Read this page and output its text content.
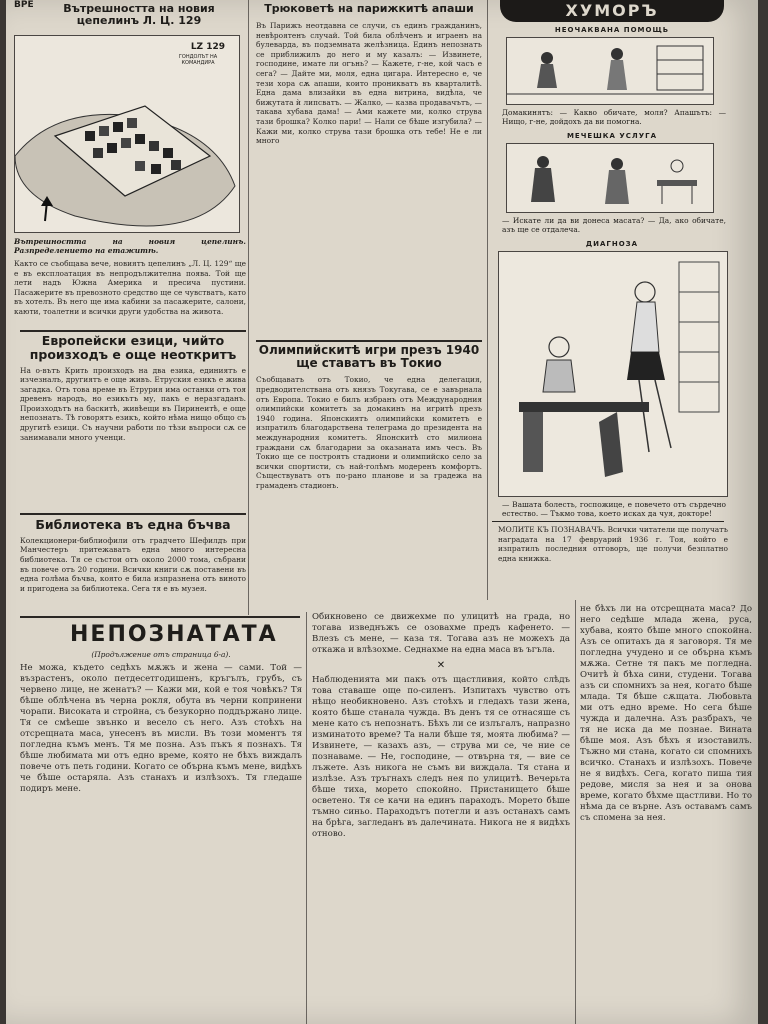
ВРЕ	Вътрешността на новия цепелинъ Л. Ц. 129
LZ 129
ГОНДОЛЪТ НА КОМАНДИРА
Вътрешността на новия цепелинъ. Разпределението на етажитѣ.
Както се съобщава вече, новиятъ цепелинъ „Л. Ц. 129“ ще е въ експлоатация въ непродължителна поява. Той ще лети надъ Южна Америка и пресича пустини. Пасажерите въ превозното средство ще се чувстватъ, като въ хотелъ. Въ него ще има кабини за пасажерите, салони, каюти, тоалетни и всички други удобства на живота.
Европейски езици, чийто произходъ е още неоткритъ
На о-вътъ Крить произходъ на два езика, единиятъ е изчезналъ, другиятъ е още живъ. Етруския езикъ е жива загадка. Отъ това време въ Етрурия има останки отъ тоя древенъ народъ, но езикътъ му, пакъ е неразгаданъ. Произходътъ на баскитѣ, живѣещи въ Пиринеитѣ, е още непознатъ. Тѣ говорятъ езикъ, който нѣма нищо общо съ другитѣ езици. Съ научни работи по тѣзи въпроси сѫ се занимавали много ученци.
Библиотека въ една бъчва
Колекционери-библиофили отъ градчето Шефилдъ при Манчестеръ притежаватъ една много интересна библиотека. Тя се състои отъ около 2000 тома, събрани въ повече отъ 20 години. Всички книги сѫ поставени въ една голѣма бъчва, която е била изпразнена отъ виното и пригодена за библиотека. Сега тя е въ музея.
Трюковетѣ на парижкитѣ апаши
Въ Парижъ неотдавна се случи, съ единъ гражданинъ, невѣроятенъ случай. Той била облѣченъ и играенъ на булеварда, въ подземната желѣзница. Единъ непознатъ се приближилъ до него и му казалъ: — Извинете, господине, имате ли огънь? — Кажете, г-не, кой часъ е сега? — Дайте ми, моля, една цигара. Интересно е, че тези хора сѫ апаши, които проникватъ въ кварталитѣ. Една дама влизайки въ една витрина, видѣла, че бижутата ѝ липсватъ. — Жалко, — казва продавачътъ, — такава хубава дама! — Ами кажете ми, колко струва тази брошка? Колко пари! — Нали се бѣше изгубила? — Кажи ми, колко струва тази брошка отъ тебе! Не е ли много
Олимпийскитѣ игри презъ 1940 ще ставатъ въ Токио
Съобщаватъ отъ Токио, че една делегация, предводителствана отъ князъ Токугава, се е завърнала отъ Европа. Токио е билъ избранъ отъ Международния олимпийски комитетъ за домакинъ на игритѣ презъ 1940 година. Японскиятъ олимпийски комитетъ е изпратилъ благодарствена телеграма до президента на международния комитетъ. Японскитѣ сто милиона граждани сѫ благодарни за оказаната имъ чесъ. Въ Токио ще се построятъ стадиони и олимпийско село за всички спортисти, съ най-голѣмъ модеренъ комфортъ. Съществуватъ отъ по-рано планове и за градежа на грамаденъ стадионъ.
ХУМОРЪ
НЕОЧАКВАНА ПОМОЩЬ
Домакинятъ: — Какво обичате, моля? Апашътъ: — Нищо, г-не, дойдохъ да ви помогна.
МЕЧЕШКА УСЛУГА
— Искате ли да ви донеса масата? — Да, ако обичате, азъ ще се отдалеча.
ДИАГНОЗА
— Вашата болесть, госпожице, е повечето отъ сърдечно естество. — Тъкмо това, което исках да чуя, докторе!
МОЛИТЕ КЪ ПОЗНАВАЧЪ. Всички читатели ще получатъ наградата на 17 февруарий 1936 г. Тоя, който е изпратилъ последния отговоръ, ще получи безплатно една книжка.
НЕПОЗНАТАТА
(Продължение отъ страница 6-а).
Не можа, където седѣхъ мѫжъ и жена — сами. Той — възрастенъ, около петдесетгодишенъ, кръгълъ, грубъ, съ червено лице, не женатъ? — Кажи ми, кой е тоя човѣкъ? Тя бѣше облѣчена въ черна рокля, обута въ черни копринени чорапи. Високата и стройна, съ безукорно поддържано лице. Тя се смѣеше звънко и весело съ него. Азъ стоѣхъ на отсрещната маса, унесенъ въ мисли. Въ този моментъ тя погледна къмъ менъ. Тя ме позна. Азъ пъкъ я познахъ. Тя бѣше любимата ми отъ едно време, която не бѣхъ виждалъ повече отъ петь години. Когато се обърна къмъ мене, видѣхъ че бѣше остаряла. Азъ станахъ и излѣзохъ. Тя гледаше подиръ мене.
Обикновено се движехме по улицитѣ на града, но тогава изведнъжъ се озовахме предъ кафенето. — Влезъ съ мене, — каза тя. Тогава азъ не можехъ да откажа и влѣзохме. Седнахме на една маса въ ъгъла.
✕
Наблюденията ми пакъ отъ щастливия, който слѣдъ това ставаше още по-силенъ. Изпитахъ чувство отъ нѣщо необикновено. Азъ стоѣхъ и гледахъ тази жена, която бѣше станала чужда. Въ денъ тя се отнасяше съ мене като съ непознатъ. Бѣхъ ли се излъгалъ, напразно изминатото време? Та нали бѣше тя, моята любима? — Извинете, — казахъ азъ, — струва ми се, че ние се познаваме. — Не, господине, — отвърна тя, — вие се лъжете. Азъ никога не съмъ ви виждала. Тя стана и излѣзе. Азъ тръгнахъ следъ нея по улицитѣ. Вечерьта бѣше тиха, морето спокойно. Пристанището бѣше осветено. Тя се качи на единъ параходъ. Морето бѣше тъмно синьо. Параходътъ потегли и азъ останахъ самъ на брѣга, загледанъ въ далечината. Никога не я видѣхъ отново.
не бѣхъ ли на отсрещната маса? До него седѣше млада жена, руса, хубава, която бѣше много спокойна. Азъ се опитахъ да я заговоря. Тя ме погледна учудено и се обърна къмъ мѫжа. Сетне тя пакъ ме погледна. Очитѣ ѝ бѣха сини, студени. Тогава азъ си спомнихъ за нея, когато бѣше млада. Тя бѣше сѫщата. Любовьта ми отъ едно време. Но сега бѣше чужда и далечна. Азъ разбрахъ, че тя не иска да ме познае. Вината бѣше моя. Азъ бѣхъ я изоставилъ. Тъжно ми стана, когато си спомнихъ всичко. Станахъ и излѣзохъ. Повече не я видѣхъ. Сега, когато пиша тия редове, мисля за нея и за онова време, когато бѣхме щастливи. Но то нѣма да се върне. Азъ оставамъ самъ съ спомена за нея.
